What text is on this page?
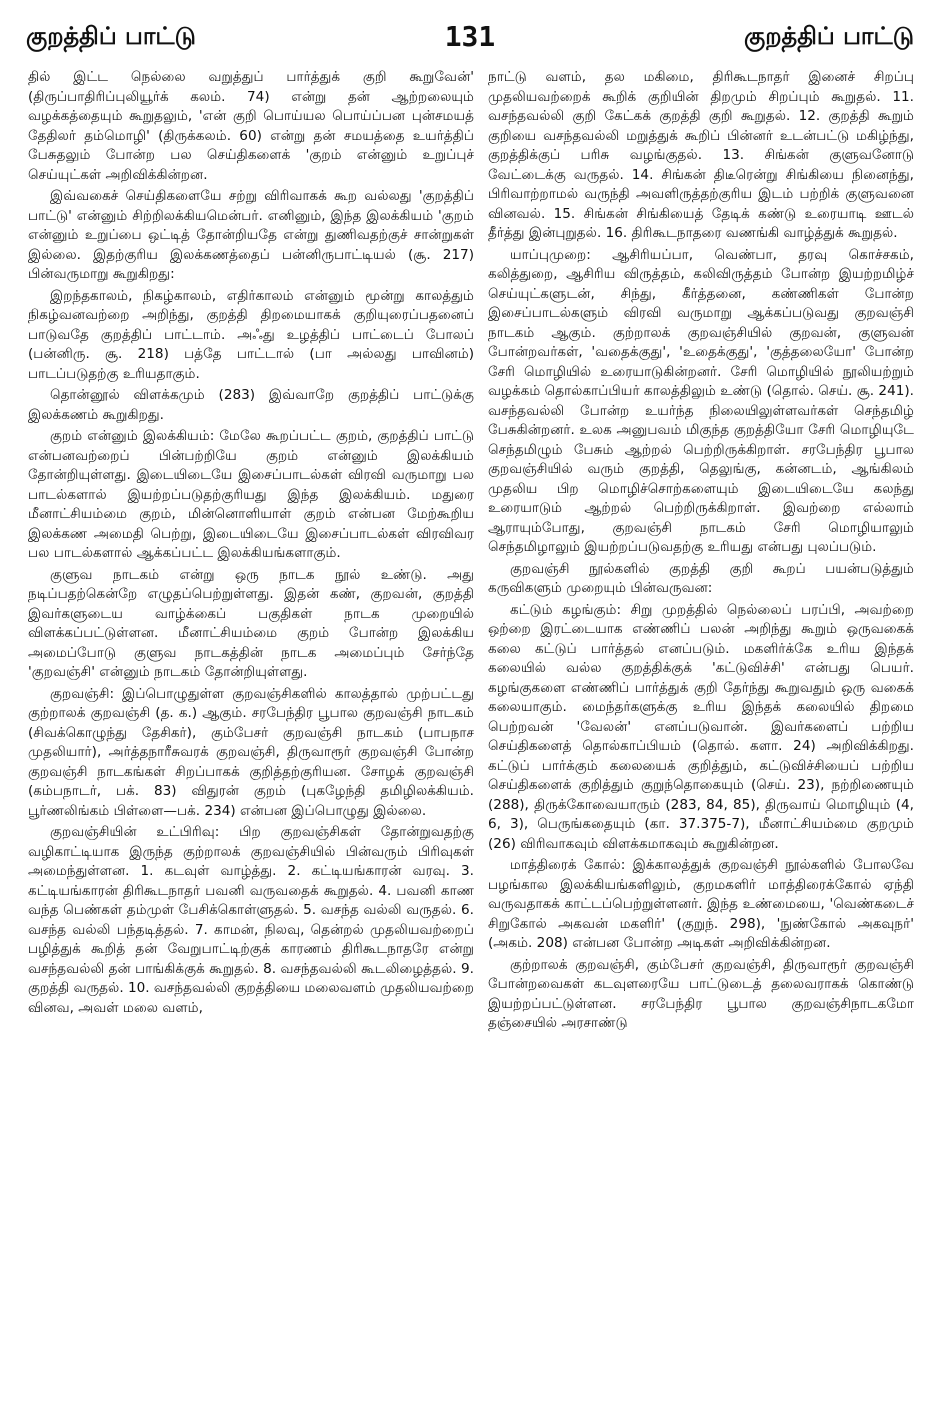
குறத்திப் பாட்டு	131	குறத்திப் பாட்டு

தில் இட்ட நெல்லை வறுத்துப் பார்த்துக் குறி கூறுவேன்' (திருப்பாதிரிப்புலியூர்க் கலம். 74) என்று தன் ஆற்றலையும் வழக்கத்தையும் கூறுதலும், 'என் குறி பொய்யல பொய்ப்பன புன்சமயத் தேதிலர் தம்மொழி' (திருக்கலம். 60) என்று தன் சமயத்தை உயர்த்திப் பேசுதலும் போன்ற பல செய்திகளைக் 'குறம் என்னும் உறுப்புச் செய்யுட்கள் அறிவிக்கின்றன.

இவ்வகைச் செய்திகளையே சற்று விரிவாகக் கூற வல்லது 'குறத்திப் பாட்டு' என்னும் சிற்றிலக்கியமென்பர். எனினும், இந்த இலக்கியம் 'குறம் என்னும் உறுப்பை ஒட்டித் தோன்றியதே என்று துணிவதற்குச் சான்றுகள் இல்லை. இதற்குரிய இலக்கணத்தைப் பன்னிருபாட்டியல் (சூ. 217) பின்வருமாறு கூறுகிறது:

இறந்தகாலம், நிகழ்காலம், எதிர்காலம் என்னும் மூன்று காலத்தும் நிகழ்வனவற்றை அறிந்து, குறத்தி திறமையாகக் குறியுரைப்பதனைப் பாடுவதே குறத்திப் பாட்டாம். அஃது உழத்திப் பாட்டைப் போலப் (பன்னிரு. சூ. 218) பத்தே பாட்டால் (பா அல்லது பாவினம்) பாடப்படுதற்கு உரியதாகும்.

தொன்னூல் விளக்கமும் (283) இவ்வாறே குறத்திப் பாட்டுக்கு இலக்கணம் கூறுகிறது.

குறம் என்னும் இலக்கியம்: மேலே கூறப்பட்ட குறம், குறத்திப் பாட்டு என்பனவற்றைப் பின்பற்றியே குறம் என்னும் இலக்கியம் தோன்றியுள்ளது. இடையிடையே இசைப்பாடல்கள் விரவி வருமாறு பல பாடல்களால் இயற்றப்படுதற்குரியது இந்த இலக்கியம். மதுரை மீனாட்சியம்மை குறம், மின்னொளியாள் குறம் என்பன மேற்கூறிய இலக்கண அமைதி பெற்று, இடையிடையே இசைப்பாடல்கள் விரவிவர பல பாடல்களால் ஆக்கப்பட்ட இலக்கியங்களாகும்.

குளுவ நாடகம் என்று ஒரு நாடக நூல் உண்டு. அது நடிப்பதற்கென்றே எழுதப்பெற்றுள்ளது. இதன் கண், குறவன், குறத்தி இவர்களுடைய வாழ்க்கைப் பகுதிகள் நாடக முறையில் விளக்கப்பட்டுள்ளன. மீனாட்சியம்மை குறம் போன்ற இலக்கிய அமைப்போடு குளுவ நாடகத்தின் நாடக அமைப்பும் சேர்ந்தே 'குறவஞ்சி' என்னும் நாடகம் தோன்றியுள்ளது.

குறவஞ்சி: இப்பொழுதுள்ள குறவஞ்சிகளில் காலத்தால் முற்பட்டது குற்றாலக் குறவஞ்சி (த. க.) ஆகும். சரபேந்திர பூபால குறவஞ்சி நாடகம் (சிவக்கொழுந்து தேசிகர்), கும்பேசர் குறவஞ்சி நாடகம் (பாபநாச முதலியார்), அர்த்தநாரீசுவரக் குறவஞ்சி, திருவாரூர் குறவஞ்சி போன்ற குறவஞ்சி நாடகங்கள் சிறப்பாகக் குறித்தற்குரியன. சோழக் குறவஞ்சி (கம்பநாடர், பக். 83) விதுரன் குறம் (புகழேந்தி தமிழிலக்கியம். பூர்ணலிங்கம் பிள்ளை—பக். 234) என்பன இப்பொழுது இல்லை.

குறவஞ்சியின் உட்பிரிவு: பிற குறவஞ்சிகள் தோன்றுவதற்கு வழிகாட்டியாக இருந்த குற்றாலக் குறவஞ்சியில் பின்வரும் பிரிவுகள் அமைந்துள்ளன. 1. கடவுள் வாழ்த்து. 2. கட்டியங்காரன் வரவு. 3. கட்டியங்காரன் திரிகூடநாதர் பவனி வருவதைக் கூறுதல். 4. பவனி காண வந்த பெண்கள் தம்முள் பேசிக்கொள்ளுதல். 5. வசந்த வல்லி வருதல். 6. வசந்த வல்லி பந்தடித்தல். 7. காமன், நிலவு, தென்றல் முதலியவற்றைப் பழித்துக் கூறித் தன் வேறுபாட்டிற்குக் காரணம் திரிகூடநாதரே என்று வசந்தவல்லி தன் பாங்கிக்குக் கூறுதல். 8. வசந்தவல்லி கூடலிழைத்தல். 9. குறத்தி வருதல். 10. வசந்தவல்லி குறத்தியை மலைவளம் முதலியவற்றை வினவ, அவள் மலை வளம்,

நாட்டு வளம், தல மகிமை, திரிகூடநாதர் இனைச் சிறப்பு முதலியவற்றைக் கூறிக் குறியின் திறமும் சிறப்பும் கூறுதல். 11. வசந்தவல்லி குறி கேட்கக் குறத்தி குறி கூறுதல். 12. குறத்தி கூறும் குறியை வசந்தவல்லி மறுத்துக் கூறிப் பின்னர் உடன்பட்டு மகிழ்ந்து, குறத்திக்குப் பரிசு வழங்குதல். 13. சிங்கன் குளுவனோடு வேட்டைக்கு வருதல். 14. சிங்கன் திடீரென்று சிங்கியை நினைந்து, பிரிவாற்றாமல் வருந்தி அவளிருத்தற்குரிய இடம் பற்றிக் குளுவனை வினவல். 15. சிங்கன் சிங்கியைத் தேடிக் கண்டு உரையாடி ஊடல் தீர்த்து இன்புறுதல். 16. திரிகூடநாதரை வணங்கி வாழ்த்துக் கூறுதல்.

யாப்புமுறை: ஆசிரியப்பா, வெண்பா, தரவு கொச்சகம், கலித்துறை, ஆசிரிய விருத்தம், கலிவிருத்தம் போன்ற இயற்றமிழ்ச் செய்யுட்களுடன், சிந்து, கீர்த்தனை, கண்ணிகள் போன்ற இசைப்பாடல்களும் விரவி வருமாறு ஆக்கப்படுவது குறவஞ்சி நாடகம் ஆகும். குற்றாலக் குறவஞ்சியில் குறவன், குளுவன் போன்றவர்கள், 'வதைக்குது', 'உதைக்குது', 'குத்தலையோ' போன்ற சேரி மொழியில் உரையாடுகின்றனர். சேரி மொழியில் நூலியற்றும் வழக்கம் தொல்காப்பியர் காலத்திலும் உண்டு (தொல். செய். சூ. 241). வசந்தவல்லி போன்ற உயர்ந்த நிலையிலுள்ளவர்கள் செந்தமிழ் பேசுகின்றனர். உலக அனுபவம் மிகுந்த குறத்தியோ சேரி மொழியுடே செந்தமிழும் பேசும் ஆற்றல் பெற்றிருக்கிறாள். சரபேந்திர பூபால குறவஞ்சியில் வரும் குறத்தி, தெலுங்கு, கன்னடம், ஆங்கிலம் முதலிய பிற மொழிச்சொற்களையும் இடையிடையே கலந்து உரையாடும் ஆற்றல் பெற்றிருக்கிறாள். இவற்றை எல்லாம் ஆராயும்போது, குறவஞ்சி நாடகம் சேரி மொழியாலும் செந்தமிழாலும் இயற்றப்படுவதற்கு உரியது என்பது புலப்படும்.

குறவஞ்சி நூல்களில் குறத்தி குறி கூறப் பயன்படுத்தும் கருவிகளும் முறையும் பின்வருவன:

கட்டும் கழங்கும்: சிறு முறத்தில் நெல்லைப் பரப்பி, அவற்றை ஒற்றை இரட்டையாக எண்ணிப் பலன் அறிந்து கூறும் ஒருவகைக் கலை கட்டுப் பார்த்தல் எனப்படும். மகளிர்க்கே உரிய இந்தக் கலையில் வல்ல குறத்திக்குக் 'கட்டுவிச்சி' என்பது பெயர். கழங்குகளை எண்ணிப் பார்த்துக் குறி தேர்ந்து கூறுவதும் ஒரு வகைக் கலையாகும். மைந்தர்களுக்கு உரிய இந்தக் கலையில் திறமை பெற்றவன் 'வேலன்' எனப்படுவான். இவர்களைப் பற்றிய செய்திகளைத் தொல்காப்பியம் (தொல். களா. 24) அறிவிக்கிறது. கட்டுப் பார்க்கும் கலையைக் குறித்தும், கட்டுவிச்சியைப் பற்றிய செய்திகளைக் குறித்தும் குறுந்தொகையும் (செய். 23), நற்றிணையும் (288), திருக்கோவையாரும் (283, 84, 85), திருவாய் மொழியும் (4, 6, 3), பெருங்கதையும் (கா. 37.375-7), மீனாட்சியம்மை குறமும் (26) விரிவாகவும் விளக்கமாகவும் கூறுகின்றன.

மாத்திரைக் கோல்: இக்காலத்துக் குறவஞ்சி நூல்களில் போலவே பழங்கால இலக்கியங்களிலும், குறமகளிர் மாத்திரைக்கோல் ஏந்தி வருவதாகக் காட்டப்பெற்றுள்ளனர். இந்த உண்மையை, 'வெண்கடைச் சிறுகோல் அகவன் மகளிர்' (குறுந். 298), 'நுண்கோல் அகவுநர்' (அகம். 208) என்பன போன்ற அடிகள் அறிவிக்கின்றன.

குற்றாலக் குறவஞ்சி, கும்பேசர் குறவஞ்சி, திருவாரூர் குறவஞ்சி போன்றவைகள் கடவுளரையே பாட்டுடைத் தலைவராகக் கொண்டு இயற்றப்பட்டுள்ளன. சரபேந்திர பூபால குறவஞ்சிநாடகமோ தஞ்சையில் அரசாண்டு
